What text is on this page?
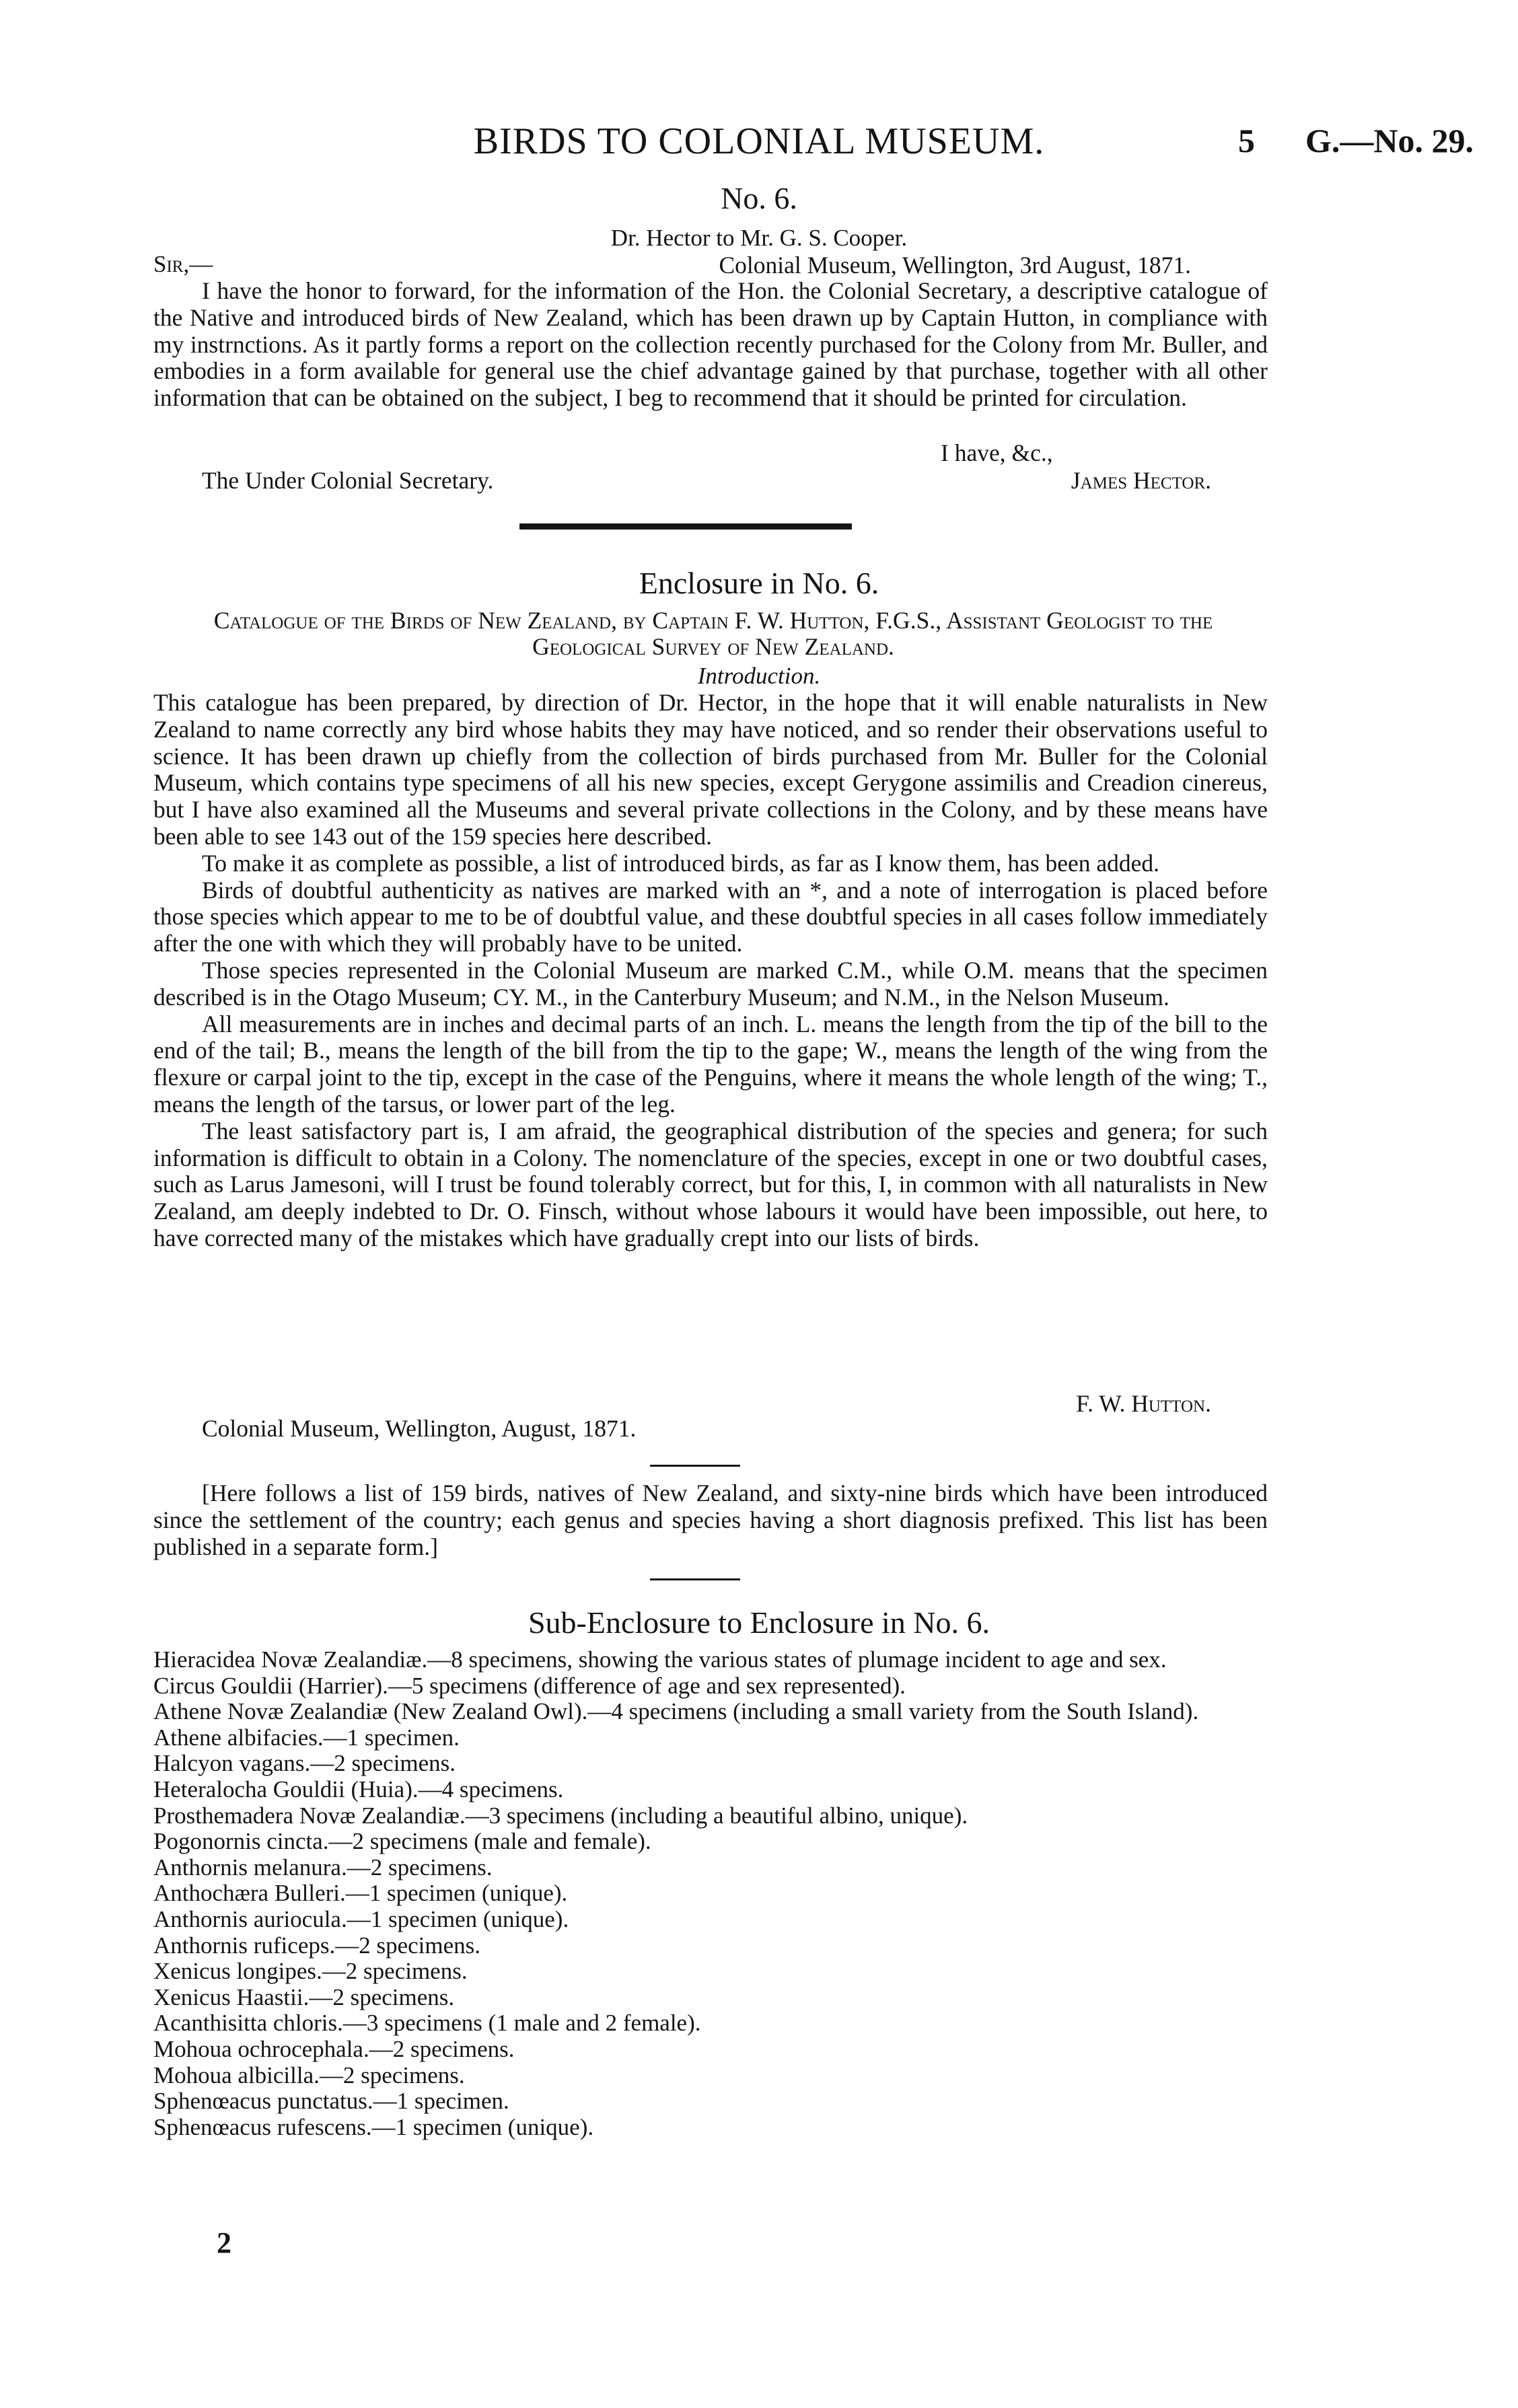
BIRDS TO COLONIAL MUSEUM.	5 G.—No. 29.
No. 6.
Dr. Hector to Mr. G. S. Cooper.
Sir,—	Colonial Museum, Wellington, 3rd August, 1871.

I have the honor to forward, for the information of the Hon. the Colonial Secretary, a descriptive catalogue of the Native and introduced birds of New Zealand, which has been drawn up by Captain Hutton, in compliance with my instrnctions. As it partly forms a report on the collection recently purchased for the Colony from Mr. Buller, and embodies in a form available for general use the chief advantage gained by that purchase, together with all other information that can be obtained on the subject, I beg to recommend that it should be printed for circulation.

I have, &c.,
The Under Colonial Secretary.	James Hector.
Enclosure in No. 6.
Catalogue of the Birds of New Zealand, by Captain F. W. Hutton, F.G.S., Assistant Geologist to the Geological Survey of New Zealand.
Introduction.

This catalogue has been prepared, by direction of Dr. Hector, in the hope that it will enable naturalists in New Zealand to name correctly any bird whose habits they may have noticed, and so render their observations useful to science. It has been drawn up chiefly from the collection of birds purchased from Mr. Buller for the Colonial Museum, which contains type specimens of all his new species, except Gerygone assimilis and Creadion cinereus, but I have also examined all the Museums and several private collections in the Colony, and by these means have been able to see 143 out of the 159 species here described.

To make it as complete as possible, a list of introduced birds, as far as I know them, has been added.

Birds of doubtful authenticity as natives are marked with an *, and a note of interrogation is placed before those species which appear to me to be of doubtful value, and these doubtful species in all cases follow immediately after the one with which they will probably have to be united.

Those species represented in the Colonial Museum are marked C.M., while O.M. means that the specimen described is in the Otago Museum; CY. M., in the Canterbury Museum; and N.M., in the Nelson Museum.

All measurements are in inches and decimal parts of an inch. L. means the length from the tip of the bill to the end of the tail; B., means the length of the bill from the tip to the gape; W., means the length of the wing from the flexure or carpal joint to the tip, except in the case of the Penguins, where it means the whole length of the wing; T., means the length of the tarsus, or lower part of the leg.

The least satisfactory part is, I am afraid, the geographical distribution of the species and genera; for such information is difficult to obtain in a Colony. The nomenclature of the species, except in one or two doubtful cases, such as Larus Jamesoni, will I trust be found tolerably correct, but for this, I, in common with all naturalists in New Zealand, am deeply indebted to Dr. O. Finsch, without whose labours it would have been impossible, out here, to have corrected many of the mistakes which have gradually crept into our lists of birds.

F. W. Hutton.
Colonial Museum, Wellington, August, 1871.

[Here follows a list of 159 birds, natives of New Zealand, and sixty-nine birds which have been introduced since the settlement of the country; each genus and species having a short diagnosis prefixed. This list has been published in a separate form.]

Sub-Enclosure to Enclosure in No. 6.
Hieracidea Novæ Zealandiæ.—8 specimens, showing the various states of plumage incident to age and sex.
Circus Gouldii (Harrier).—5 specimens (difference of age and sex represented).
Athene Novæ Zealandiæ (New Zealand Owl).—4 specimens (including a small variety from the South Island).
Athene albifacies.—1 specimen.
Halcyon vagans.—2 specimens.
Heteralocha Gouldii (Huia).—4 specimens.
Prosthemadera Novæ Zealandiæ.—3 specimens (including a beautiful albino, unique).
Pogonornis cincta.—2 specimens (male and female).
Anthornis melanura.—2 specimens.
Anthochæra Bulleri.—1 specimen (unique).
Anthornis auriocula.—1 specimen (unique).
Anthornis ruficeps.—2 specimens.
Xenicus longipes.—2 specimens.
Xenicus Haastii.—2 specimens.
Acanthisitta chloris.—3 specimens (1 male and 2 female).
Mohoua ochrocephala.—2 specimens.
Mohoua albicilla.—2 specimens.
Sphenœacus punctatus.—1 specimen.
Sphenœacus rufescens.—1 specimen (unique).
2
